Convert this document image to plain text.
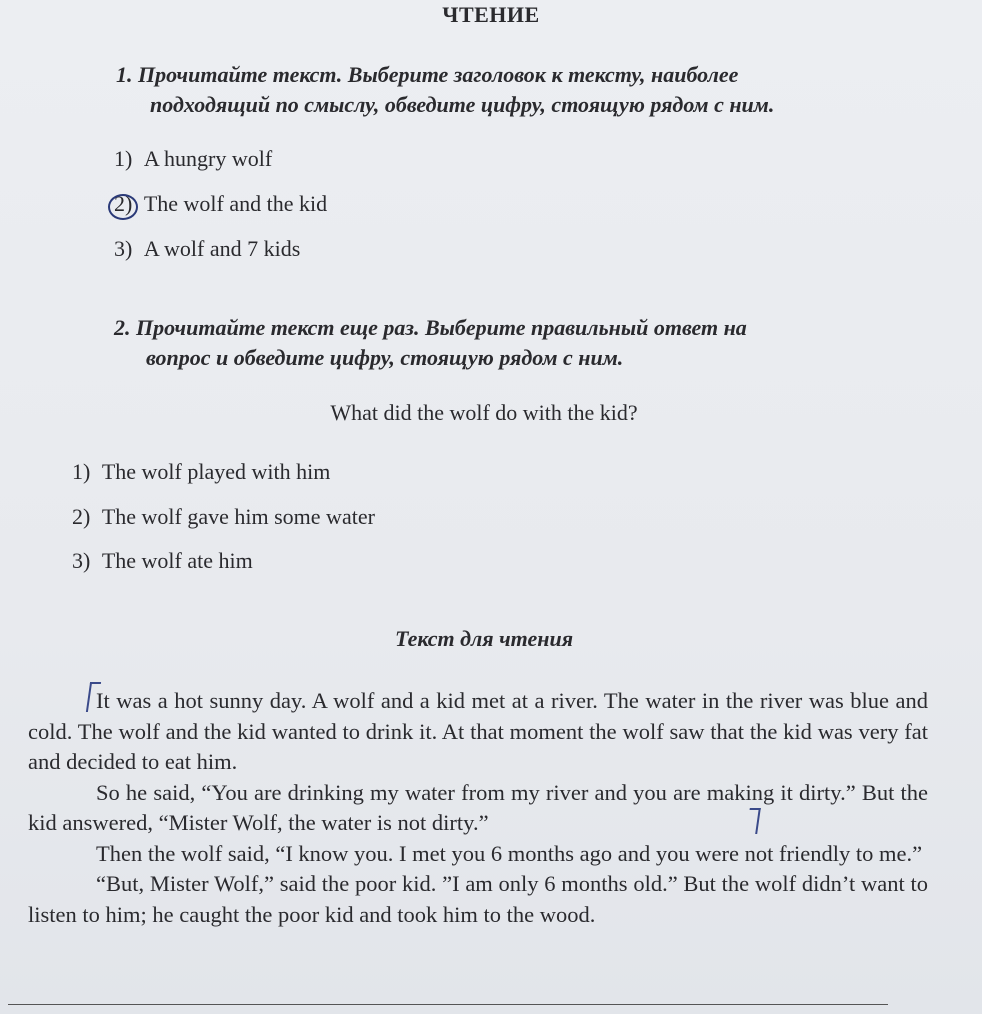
ЧТЕНИЕ
1. Прочитайте текст. Выберите заголовок к тексту, наиболее
подходящий по смыслу, обведите цифру, стоящую рядом с ним.
1) A hungry wolf
2) The wolf and the kid
3) A wolf and 7 kids
2. Прочитайте текст еще раз. Выберите правильный ответ на
вопрос и обведите цифру, стоящую рядом с ним.
What did the wolf do with the kid?
1) The wolf played with him
2) The wolf gave him some water
3) The wolf ate him
Текст для чтения

It was a hot sunny day. A wolf and a kid met at a river. The water in the river was blue and cold. The wolf and the kid wanted to drink it. At that moment the wolf saw that the kid was very fat and decided to eat him.

So he said, “You are drinking my water from my river and you are making it dirty.” But the kid answered, “Mister Wolf, the water is not dirty.”

Then the wolf said, “I know you. I met you 6 months ago and you were not friendly to me.”

“But, Mister Wolf,” said the poor kid. ”I am only 6 months old.” But the wolf didn’t want to listen to him; he caught the poor kid and took him to the wood.
